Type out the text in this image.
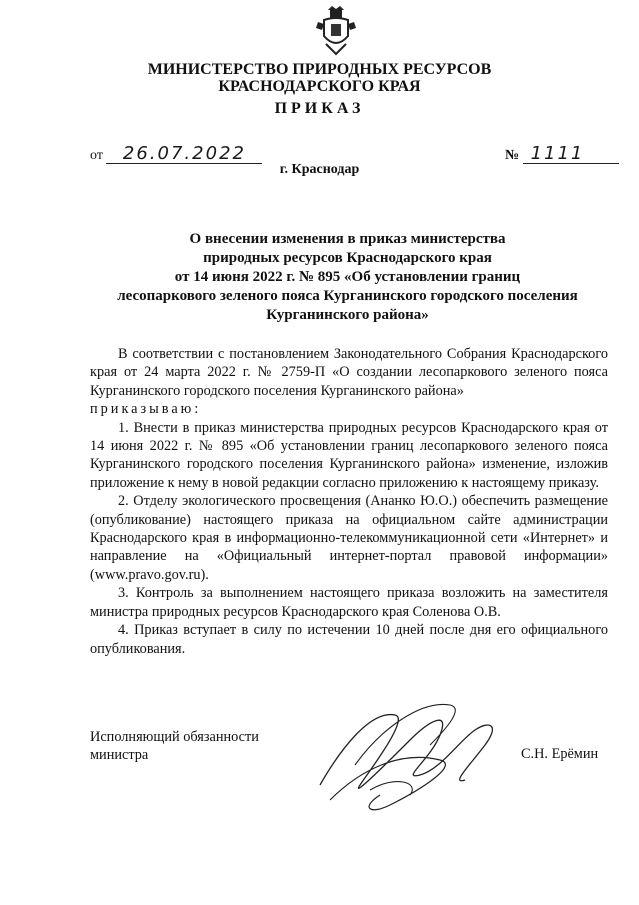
МИНИСТЕРСТВО ПРИРОДНЫХ РЕСУРСОВ
КРАСНОДАРСКОГО КРАЯ
ПРИКАЗ
от 26.07.2022	№ 1111
г. Краснодар
О внесении изменения в приказ министерства
природных ресурсов Краснодарского края
от 14 июня 2022 г. № 895 «Об установлении границ
лесопаркового зеленого пояса Курганинского городского поселения
Курганинского района»

В соответствии с постановлением Законодательного Собрания Краснодарского края от 24 марта 2022 г. № 2759-П «О создании лесопаркового зеленого пояса Курганинского городского поселения Курганинского района»

приказываю:

1. Внести в приказ министерства природных ресурсов Краснодарского края от 14 июня 2022 г. № 895 «Об установлении границ лесопаркового зеленого пояса Курганинского городского поселения Курганинского района» изменение, изложив приложение к нему в новой редакции согласно приложению к настоящему приказу.

2. Отделу экологического просвещения (Ананко Ю.О.) обеспечить размещение (опубликование) настоящего приказа на официальном сайте администрации Краснодарского края в информационно-телекоммуникационной сети «Интернет» и направление на «Официальный интернет-портал правовой информации» (www.pravo.gov.ru).

3. Контроль за выполнением настоящего приказа возложить на заместителя министра природных ресурсов Краснодарского края Соленова О.В.

4. Приказ вступает в силу по истечении 10 дней после дня его официального опубликования.

Исполняющий обязанности
министра	С.Н. Ерёмин
